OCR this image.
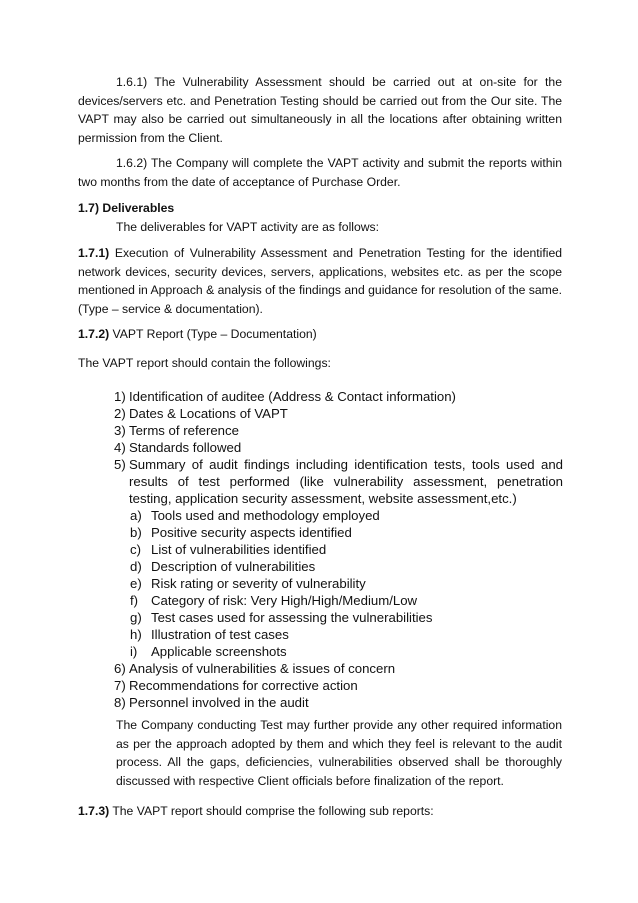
1.6.1) The Vulnerability Assessment should be carried out at on-site for the devices/servers etc. and Penetration Testing should be carried out from the Our site. The VAPT may also be carried out simultaneously in all the locations after obtaining written permission from the Client.

1.6.2) The Company will complete the VAPT activity and submit the reports within two months from the date of acceptance of Purchase Order.

1.7) Deliverables
The deliverables for VAPT activity are as follows:

1.7.1) Execution of Vulnerability Assessment and Penetration Testing for the identified network devices, security devices, servers, applications, websites etc. as per the scope mentioned in Approach & analysis of the findings and guidance for resolution of the same. (Type – service & documentation).

1.7.2) VAPT Report (Type – Documentation)

The VAPT report should contain the followings:

1) Identification of auditee (Address & Contact information)
2) Dates & Locations of VAPT
3) Terms of reference
4) Standards followed
5) Summary of audit findings including identification tests, tools used and results of test performed (like vulnerability assessment, penetration testing, application security assessment, website assessment,etc.)
a) Tools used and methodology employed
b) Positive security aspects identified
c) List of vulnerabilities identified
d) Description of vulnerabilities
e) Risk rating or severity of vulnerability
f) Category of risk: Very High/High/Medium/Low
g) Test cases used for assessing the vulnerabilities
h) Illustration of test cases
i) Applicable screenshots
6) Analysis of vulnerabilities & issues of concern
7) Recommendations for corrective action
8) Personnel involved in the audit

The Company conducting Test may further provide any other required information as per the approach adopted by them and which they feel is relevant to the audit process. All the gaps, deficiencies, vulnerabilities observed shall be thoroughly discussed with respective Client officials before finalization of the report.

1.7.3) The VAPT report should comprise the following sub reports:
